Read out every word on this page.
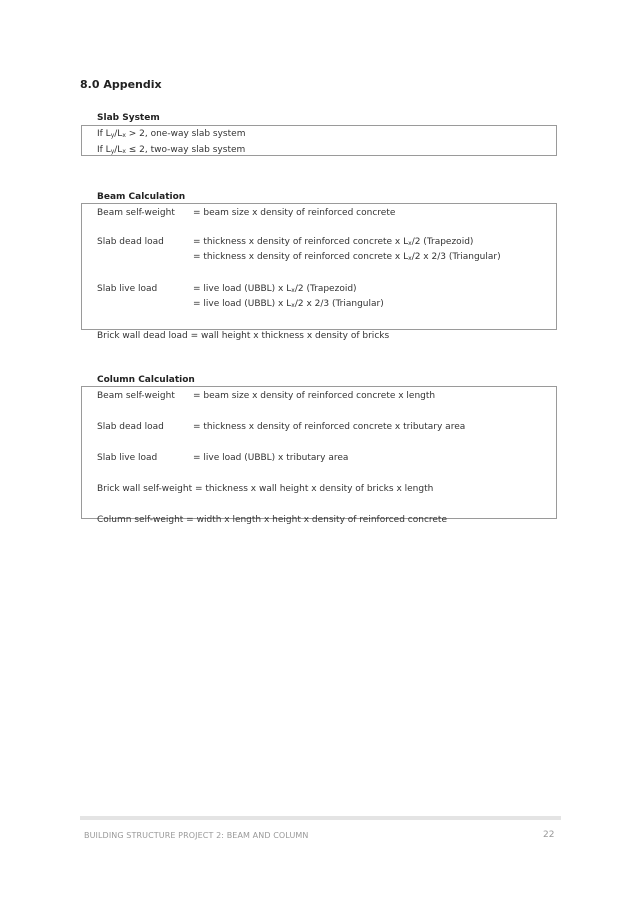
8.0 Appendix
Slab System
If $L_y/L_x > 2$, one-way slab system
If $L_y/L_x \le 2$, two-way slab system
Beam Calculation
Beam self-weight = beam size x density of reinforced concrete
Slab dead load	= thickness x density of reinforced concrete x $L_x/2$ (Trapezoid)
= thickness x density of reinforced concrete x $L_x/2$ x 2/3 (Triangular)
Slab live load	= live load (UBBL) x $L_x/2$ (Trapezoid)
= live load (UBBL) x $L_x/2$ x 2/3 (Triangular)
Brick wall dead load = wall height x thickness x density of bricks
Column Calculation
Beam self-weight = beam size x density of reinforced concrete x length
Slab dead load	= thickness x density of reinforced concrete x tributary area
Slab live load	= live load (UBBL) x tributary area
Brick wall self-weight = thickness x wall height x density of bricks x length
Column self-weight = width x length x height x density of reinforced concrete
BUILDING STRUCTURE PROJECT 2: BEAM AND COLUMN	22
